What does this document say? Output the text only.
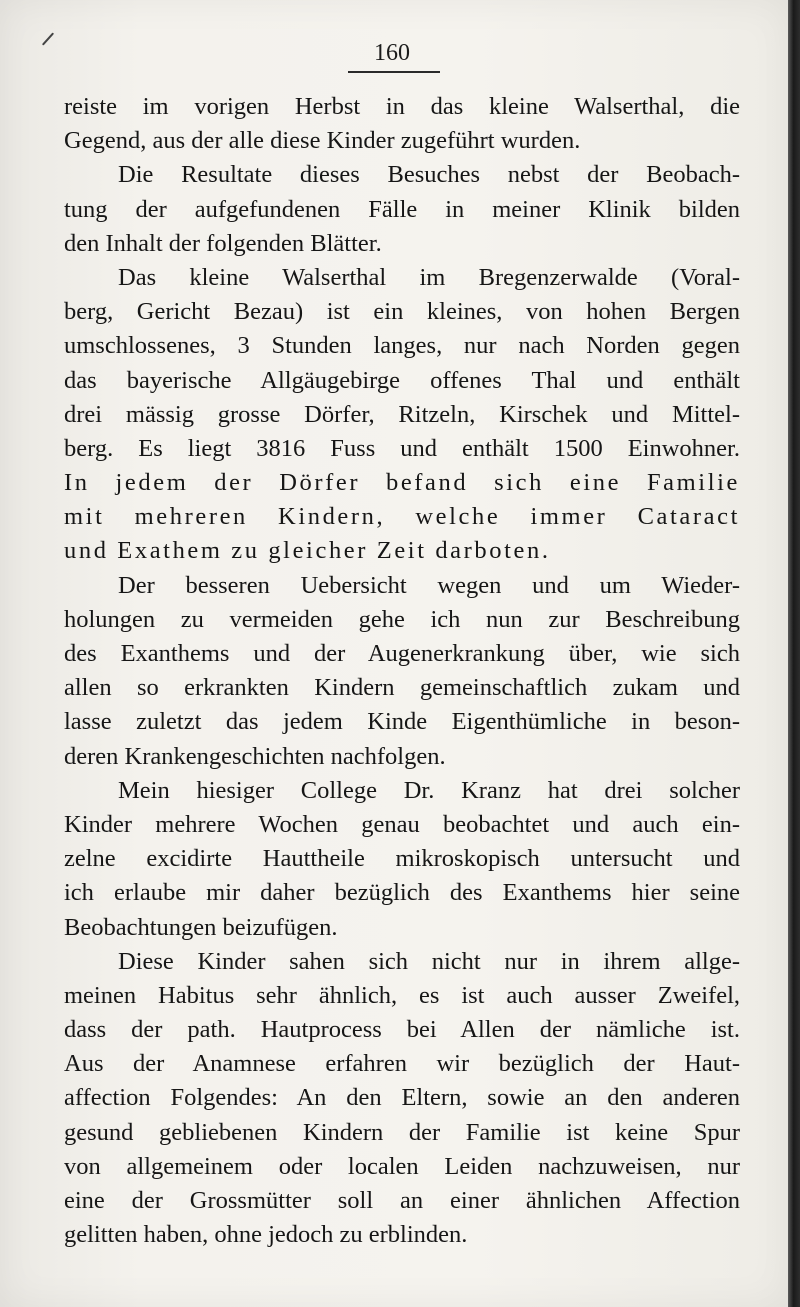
160
reiste im vorigen Herbst in das kleine Walserthal, die
Gegend, aus der alle diese Kinder zugeführt wurden.
Die Resultate dieses Besuches nebst der Beobach-
tung der aufgefundenen Fälle in meiner Klinik bilden
den Inhalt der folgenden Blätter.
Das kleine Walserthal im Bregenzerwalde (Voral-
berg, Gericht Bezau) ist ein kleines, von hohen Bergen
umschlossenes, 3 Stunden langes, nur nach Norden gegen
das bayerische Allgäugebirge offenes Thal und enthält
drei mässig grosse Dörfer, Ritzeln, Kirschek und Mittel-
berg. Es liegt 3816 Fuss und enthält 1500 Einwohner.
In jedem der Dörfer befand sich eine Familie
mit mehreren Kindern, welche immer Cataract
und Exathem zu gleicher Zeit darboten.
Der besseren Uebersicht wegen und um Wieder-
holungen zu vermeiden gehe ich nun zur Beschreibung
des Exanthems und der Augenerkrankung über, wie sich
allen so erkrankten Kindern gemeinschaftlich zukam und
lasse zuletzt das jedem Kinde Eigenthümliche in beson-
deren Krankengeschichten nachfolgen.
Mein hiesiger College Dr. Kranz hat drei solcher
Kinder mehrere Wochen genau beobachtet und auch ein-
zelne excidirte Hauttheile mikroskopisch untersucht und
ich erlaube mir daher bezüglich des Exanthems hier seine
Beobachtungen beizufügen.
Diese Kinder sahen sich nicht nur in ihrem allge-
meinen Habitus sehr ähnlich, es ist auch ausser Zweifel,
dass der path. Hautprocess bei Allen der nämliche ist.
Aus der Anamnese erfahren wir bezüglich der Haut-
affection Folgendes: An den Eltern, sowie an den anderen
gesund gebliebenen Kindern der Familie ist keine Spur
von allgemeinem oder localen Leiden nachzuweisen, nur
eine der Grossmütter soll an einer ähnlichen Affection
gelitten haben, ohne jedoch zu erblinden.
